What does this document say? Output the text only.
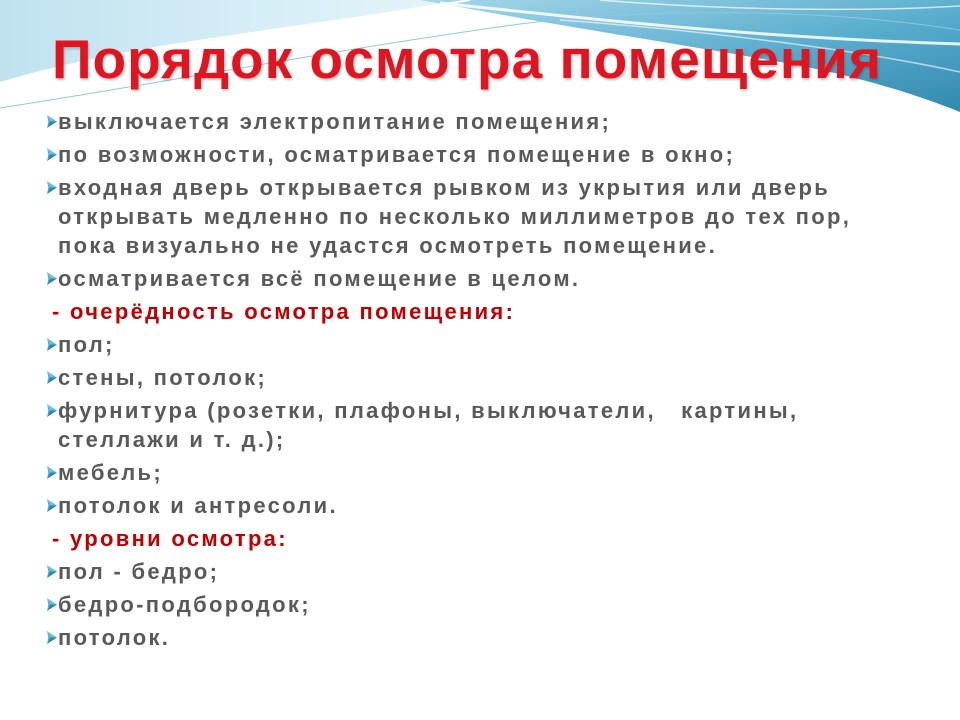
Порядок осмотра помещения
выключается электропитание помещения;
по возможности, осматривается помещение в окно;
входная дверь открывается рывком из укрытия или дверь
открывать медленно по несколько миллиметров до тех пор,
пока визуально не удастся осмотреть помещение.
осматривается всё помещение в целом.
- очерёдность осмотра помещения:
пол;
стены, потолок;
фурнитура (розетки, плафоны, выключатели,   картины,
стеллажи и т. д.);
мебель;
потолок и антресоли.
- уровни осмотра:
пол - бедро;
бедро-подбородок;
потолок.
